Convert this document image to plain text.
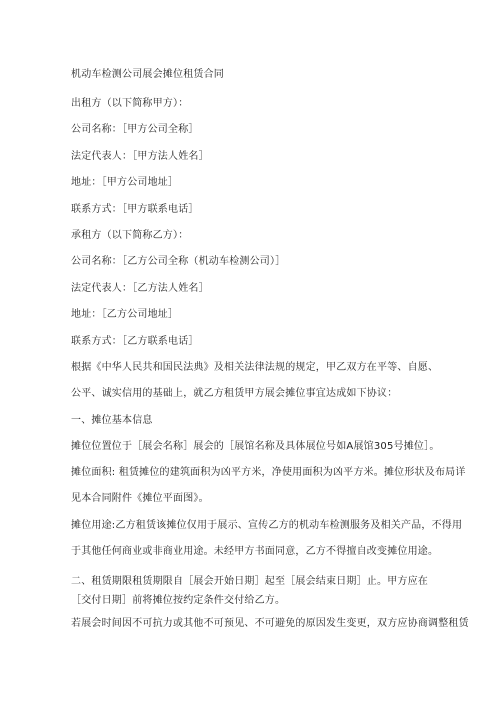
机动车检测公司展会摊位租赁合同
出租方（以下简称甲方）：
公司名称：［甲方公司全称］
法定代表人：［甲方法人姓名］
地址：［甲方公司地址］
联系方式：［甲方联系电话］
承租方（以下简称乙方）：
公司名称：［乙方公司全称（机动车检测公司）］
法定代表人：［乙方法人姓名］
地址：［乙方公司地址］
联系方式：［乙方联系电话］
根据《中华人民共和国民法典》及相关法律法规的规定，甲乙双方在平等、自愿、
公平、诚实信用的基础上，就乙方租赁甲方展会摊位事宜达成如下协议：
一、摊位基本信息
摊位位置位于［展会名称］展会的［展馆名称及具体展位号如A展馆305号摊位］。
摊位面积: 租赁摊位的建筑面积为凶平方米，净使用面积为凶平方米。摊位形状及布局详
见本合同附件《摊位平面图》。
摊位用途:乙方租赁该摊位仅用于展示、宣传乙方的机动车检测服务及相关产品，不得用
于其他任何商业或非商业用途。未经甲方书面同意，乙方不得擅自改变摊位用途。
二、租赁期限租赁期限自［展会开始日期］起至［展会结束日期］止。甲方应在［交付日期］前将摊位按约定条件交付给乙方。
若展会时间因不可抗力或其他不可预见、不可避免的原因发生变更，双方应协商调整租赁
